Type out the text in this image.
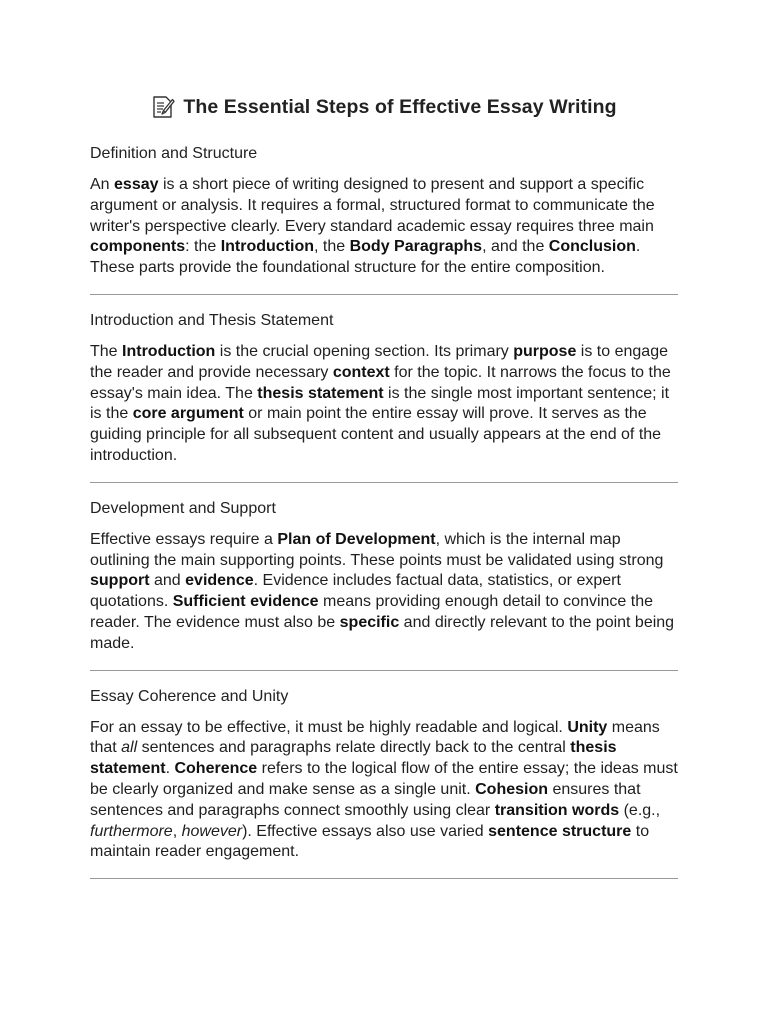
The Essential Steps of Effective Essay Writing
Definition and Structure

An essay is a short piece of writing designed to present and support a specific argument or analysis. It requires a formal, structured format to communicate the writer's perspective clearly. Every standard academic essay requires three main components: the Introduction, the Body Paragraphs, and the Conclusion. These parts provide the foundational structure for the entire composition.

Introduction and Thesis Statement

The Introduction is the crucial opening section. Its primary purpose is to engage the reader and provide necessary context for the topic. It narrows the focus to the essay's main idea. The thesis statement is the single most important sentence; it is the core argument or main point the entire essay will prove. It serves as the guiding principle for all subsequent content and usually appears at the end of the introduction.

Development and Support

Effective essays require a Plan of Development, which is the internal map outlining the main supporting points. These points must be validated using strong support and evidence. Evidence includes factual data, statistics, or expert quotations. Sufficient evidence means providing enough detail to convince the reader. The evidence must also be specific and directly relevant to the point being made.

Essay Coherence and Unity

For an essay to be effective, it must be highly readable and logical. Unity means that all sentences and paragraphs relate directly back to the central thesis statement. Coherence refers to the logical flow of the entire essay; the ideas must be clearly organized and make sense as a single unit. Cohesion ensures that sentences and paragraphs connect smoothly using clear transition words (e.g., furthermore, however). Effective essays also use varied sentence structure to maintain reader engagement.
